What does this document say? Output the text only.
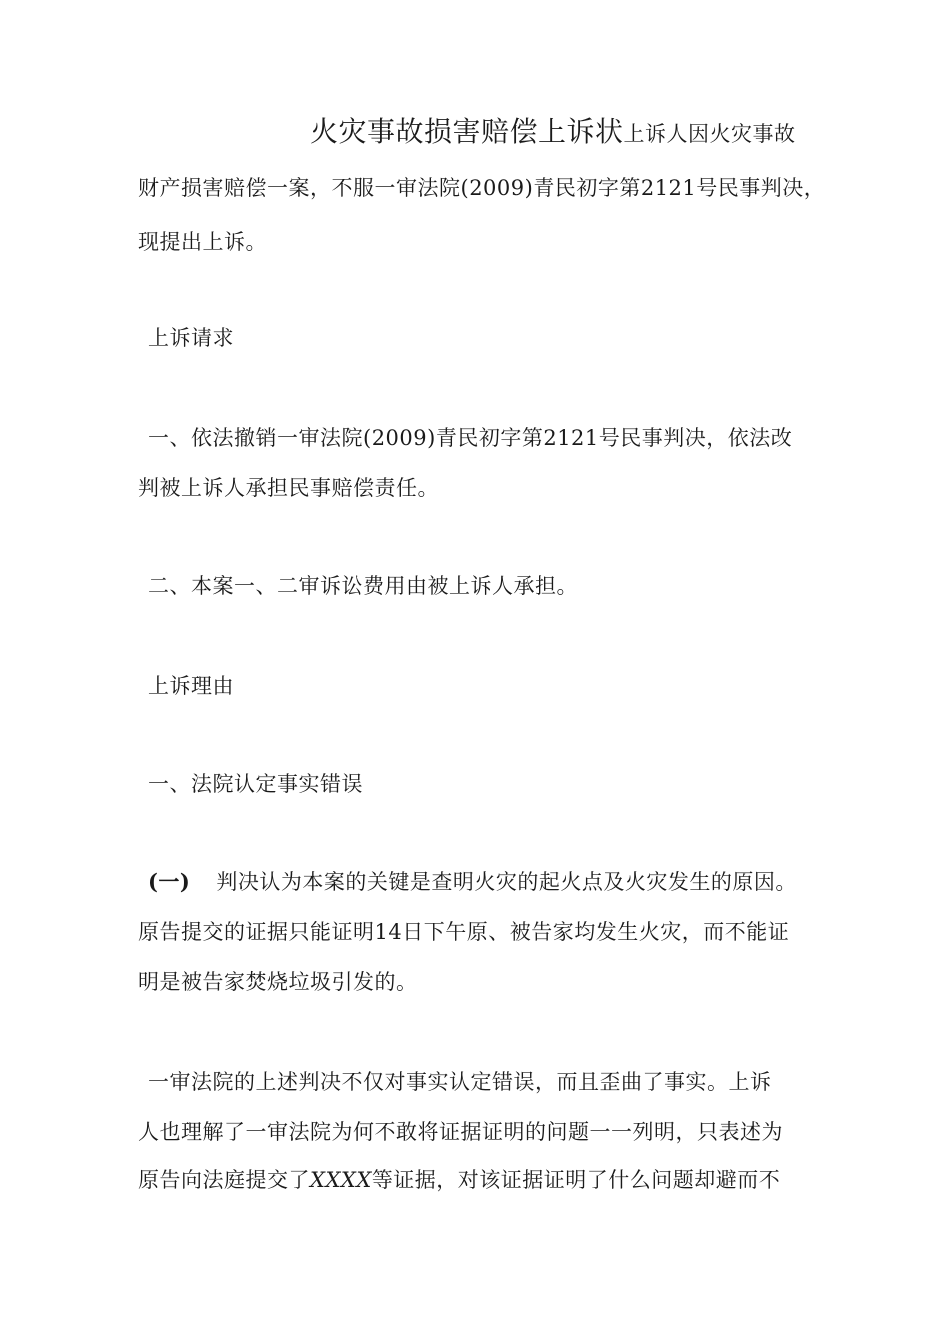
火灾事故损害赔偿上诉状上诉人因火灾事故
财产损害赔偿一案，不服一审法院(2009)青民初字第2121号民事判决，
现提出上诉。
上诉请求
一、依法撤销一审法院(2009)青民初字第2121号民事判决，依法改
判被上诉人承担民事赔偿责任。
二、本案一、二审诉讼费用由被上诉人承担。
上诉理由
一、法院认定事实错误
(一) 判决认为本案的关键是查明火灾的起火点及火灾发生的原因。
原告提交的证据只能证明14日下午原、被告家均发生火灾，而不能证
明是被告家焚烧垃圾引发的。
一审法院的上述判决不仅对事实认定错误，而且歪曲了事实。上诉
人也理解了一审法院为何不敢将证据证明的问题一一列明，只表述为
原告向法庭提交了XXXX等证据，对该证据证明了什么问题却避而不
